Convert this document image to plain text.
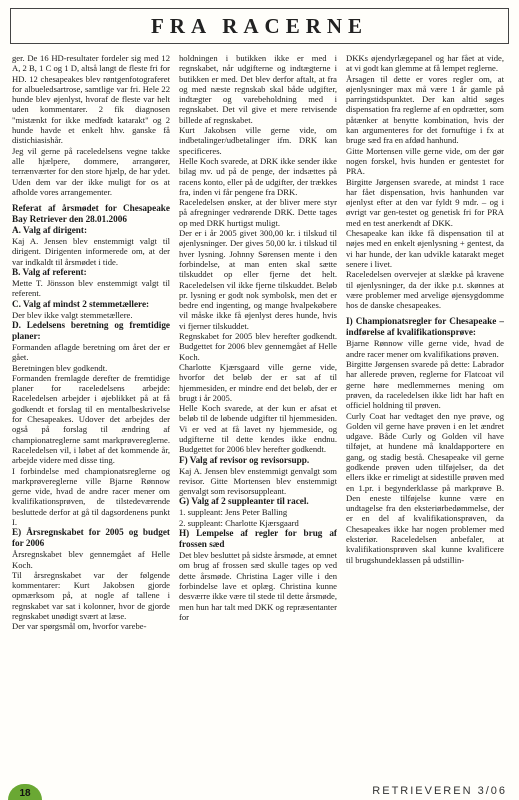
FRA RACERNE

ger. De 16 HD-resultater fordeler sig med 12 A, 2 B, 1 C og 1 D, altså langt de fleste fri for HD. 12 chesapeakes blev røntgenfotograferet for albueledsartrose, samtlige var fri. Hele 22 hunde blev øjenlyst, hvoraf de fleste var helt uden kommentarer. 2 fik diagnosen "mistænkt for ikke medfødt katarakt" og 2 hunde havde et enkelt hhv. ganske få distichiasishår.

Jeg vil gerne på raceledelsens vegne takke alle hjælpere, dommere, arrangører, terrænværter for den store hjælp, de har ydet. Uden dem var der ikke muligt for os at afholde vores arrangementer.

Referat af årsmødet for Chesapeake Bay Retriever den 28.01.2006

A. Valg af dirigent:

Kaj A. Jensen blev enstemmigt valgt til dirigent. Dirigenten informerede om, at der var indkaldt til årsmødet i tide.

B. Valg af referent:

Mette T. Jönsson blev enstemmigt valgt til referent.

C. Valg af mindst 2 stemmetællere:

Der blev ikke valgt stemmetællere.

D. Ledelsens beretning og fremtidige planer:

Formanden aflagde beretning om året der er gået.

Beretningen blev godkendt.

Formanden fremlagde derefter de fremtidige planer for raceledelsens arbejde: Raceledelsen arbejder i øjeblikket på at få godkendt et forslag til en mentalbeskrivelse for Chesapeakes. Udover det arbejdes der også på forslag til ændring af championatreglerne samt markprøvereglerne. Raceledelsen vil, i løbet af det kommende år, arbejde videre med disse ting.

I forbindelse med championatsreglerne og markprøvereglerne ville Bjarne Rønnow gerne vide, hvad de andre racer mener om kvalifikationsprøven, de tilstedeværende besluttede derfor at gå til dagsordenens punkt I.

E) Årsregnskabet for 2005 og budget for 2006

Årsregnskabet blev gennemgået af Helle Koch.

Til årsregnskabet var der følgende kommentarer: Kurt Jakobsen gjorde opmærksom på, at nogle af tallene i regnskabet var sat i kolonner, hvor de gjorde regnskabet unødigt svært at læse.

Der var spørgsmål om, hvorfor varebe-

holdningen i butikken ikke er med i regnskabet, når udgifterne og indtægterne i butikken er med. Det blev derfor aftalt, at fra og med næste regnskab skal både udgifter, indtægter og varebeholdning med i regnskabet. Det vil give et mere retvisende billede af regnskabet.

Kurt Jakobsen ville gerne vide, om indbetalinger/udbetalinger ifm. DRK kan specificeres.

Helle Koch svarede, at DRK ikke sender ikke bilag mv. ud på de penge, der indsættes på racens konto, eller på de udgifter, der trækkes fra, inden vi får pengene fra DRK.

Raceledelsen ønsker, at der bliver mere styr på afregninger vedrørende DRK. Dette tages op med DRK hurtigst muligt.

Der er i år 2005 givet 300,00 kr. i tilskud til øjenlysninger. Der gives 50,00 kr. i tilskud til hver lysning. Johnny Sørensen mente i den forbindelse, at man enten skal sætte tilskuddet op eller fjerne det helt. Raceledelsen vil ikke fjerne tilskuddet. Beløb pr. lysning er godt nok symbolsk, men det er bedre end ingenting, og mange hvalpekøbere vil måske ikke få øjenlyst deres hunde, hvis vi fjerner tilskuddet.

Regnskabet for 2005 blev herefter godkendt. Budgettet for 2006 blev gennemgået af Helle Koch.

Charlotte Kjærsgaard ville gerne vide, hvorfor det beløb der er sat af til hjemmesiden, er mindre end det beløb, der er brugt i år 2005.

Helle Koch svarede, at der kun er afsat et beløb til de løbende udgifter til hjemmesiden. Vi er ved at få lavet ny hjemmeside, og udgifterne til dette kendes ikke endnu. Budgettet for 2006 blev herefter godkendt.

F) Valg af revisor og revisorsupp.

Kaj A. Jensen blev enstemmigt genvalgt som revisor. Gitte Mortensen blev enstemmigt genvalgt som revisorsuppleant.

G) Valg af 2 suppleanter til racel.

1. suppleant: Jens Peter Balling

2. suppleant: Charlotte Kjærsgaard

H) Lempelse af regler for brug af frossen sæd

Det blev besluttet på sidste årsmøde, at emnet om brug af frossen sæd skulle tages op ved dette årsmøde. Christina Lager ville i den forbindelse lave et oplæg. Christina kunne desværre ikke være til stede til dette årsmøde, men hun har talt med DKK og repræsentanter for

DKKs øjendyrlægepanel og har fået at vide, at vi godt kan glemme at få lempet reglerne.

Årsagen til dette er vores regler om, at øjenlysninger max må være 1 år gamle på parringstidspunktet. Der kan altid søges dispensation fra reglerne af en opdrætter, som påtænker at benytte kombination, hvis der kan argumenteres for det fornuftige i fx at bruge sæd fra en afdød hanhund.

Gitte Mortensen ville gerne vide, om der gør nogen forskel, hvis hunden er gentestet for PRA.

Birgitte Jørgensen svarede, at mindst 1 race har fået dispensation, hvis hanhunden var øjenlyst efter at den var fyldt 9 mdr. – og i øvrigt var gen-testet og genetisk fri for PRA med en test anerkendt af DKK.

Chesapeake kan ikke få dispensation til at nøjes med en enkelt øjenlysning + gentest, da vi har hunde, der kan udvikle katarakt meget senere i livet.

Raceledelsen overvejer at slække på kravene til øjenlysninger, da der ikke p.t. skønnes at være problemer med arvelige øjensygdomme hos de danske chesapeakes.

I) Championatsregler for Chesapeake – indførelse af kvalifikationsprøve:

Bjarne Rønnow ville gerne vide, hvad de andre racer mener om kvalifikations prøven.

Birgitte Jørgensen svarede på dette: Labrador har allerede prøven, reglerne for Flatcoat vil gerne høre medlemmernes mening om prøven, da raceledelsen ikke lidt har haft en officiel holdning til prøven.

Curly Coat har vedtaget den nye prøve, og Golden vil gerne have prøven i en let ændret udgave. Både Curly og Golden vil have tilføjet, at hundene må knaldapportere en gang, og stadig bestå. Chesapeake vil gerne godkende prøven uden tilføjelser, da det ellers ikke er rimeligt at sidestille prøven med en 1.pr. i begynderklasse på markprøve B. Den eneste tilføjelse kunne være en undtagelse fra den eksteriørbedømmelse, der er en del af kvalifikationsprøven, da Chesapeakes ikke har nogen problemer med eksteriør. Raceledelsen anbefaler, at kvalifikationsprøven skal kunne kvalificere til brugshundeklassen på udstillin-

18	RETRIEVEREN 3/06
